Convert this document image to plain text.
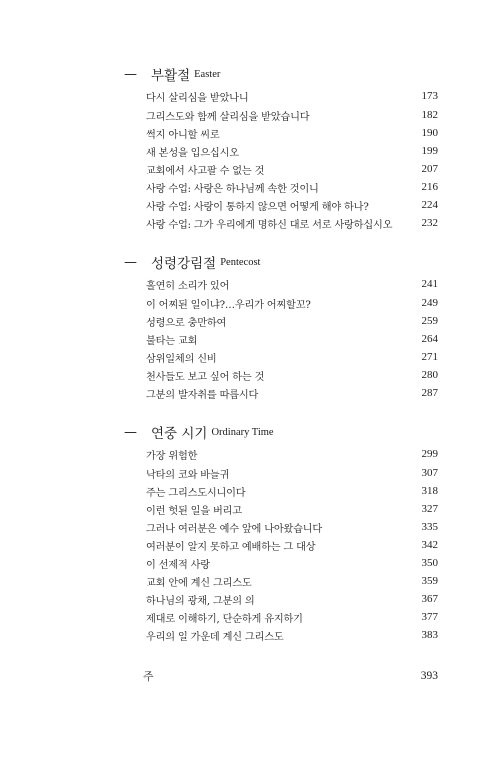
— 부활절 Easter
다시 살리심을 받았나니	173
그리스도와 함께 살리심을 받았습니다	182
썩지 아니할 씨로	190
새 본성을 입으십시오	199
교회에서 사고팔 수 없는 것	207
사랑 수업: 사랑은 하나님께 속한 것이니	216
사랑 수업: 사랑이 통하지 않으면 어떻게 해야 하나?	224
사랑 수업: 그가 우리에게 명하신 대로 서로 사랑하십시오	232
— 성령강림절 Pentecost
홀연히 소리가 있어	241
이 어찌된 일이냐?…우리가 어찌할꼬?	249
성령으로 충만하여	259
불타는 교회	264
삼위일체의 신비	271
천사들도 보고 싶어 하는 것	280
그분의 발자취를 따릅시다	287
— 연중 시기 Ordinary Time
가장 위험한	299
낙타의 코와 바늘귀	307
주는 그리스도시니이다	318
이런 헛된 일을 버리고	327
그러나 여러분은 예수 앞에 나아왔습니다	335
여러분이 알지 못하고 예배하는 그 대상	342
이 선제적 사랑	350
교회 안에 계신 그리스도	359
하나님의 광채, 그분의 의	367
제대로 이해하기, 단순하게 유지하기	377
우리의 일 가운데 계신 그리스도	383
주	393
